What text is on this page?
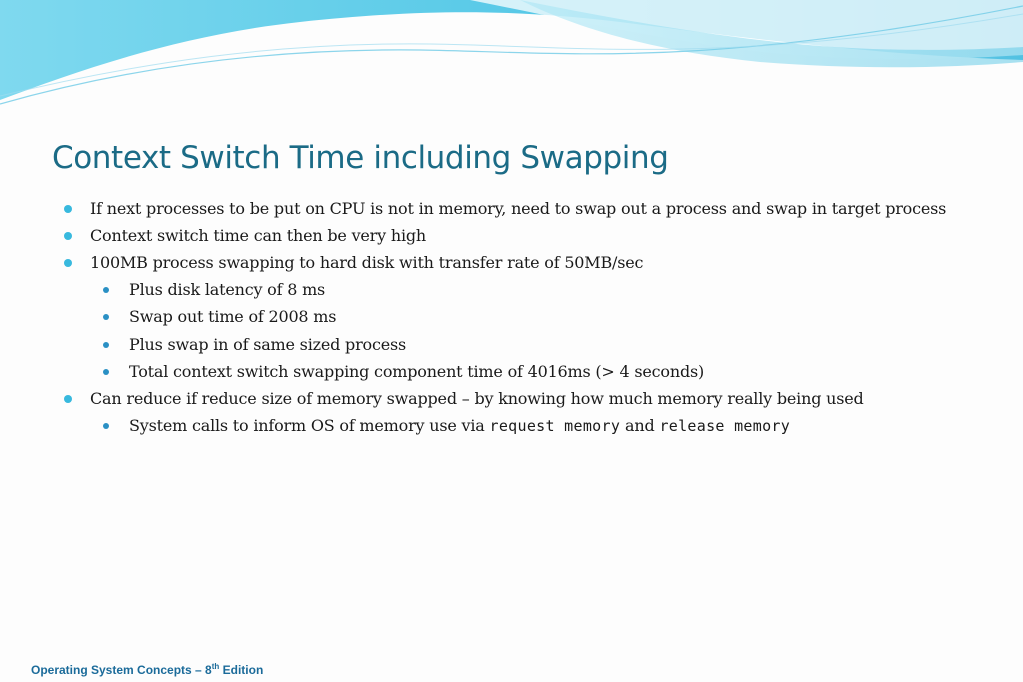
Context Switch Time including Swapping
If next processes to be put on CPU is not in memory, need to swap out a process and swap in target process
Context switch time can then be very high
100MB process swapping to hard disk with transfer rate of 50MB/sec
Plus disk latency of 8 ms
Swap out time of 2008 ms
Plus swap in of same sized process
Total context switch swapping component time of 4016ms (> 4 seconds)
Can reduce if reduce size of memory swapped – by knowing how much memory really being used
System calls to inform OS of memory use via request memory and release memory
Operating System Concepts – 8th Edition
